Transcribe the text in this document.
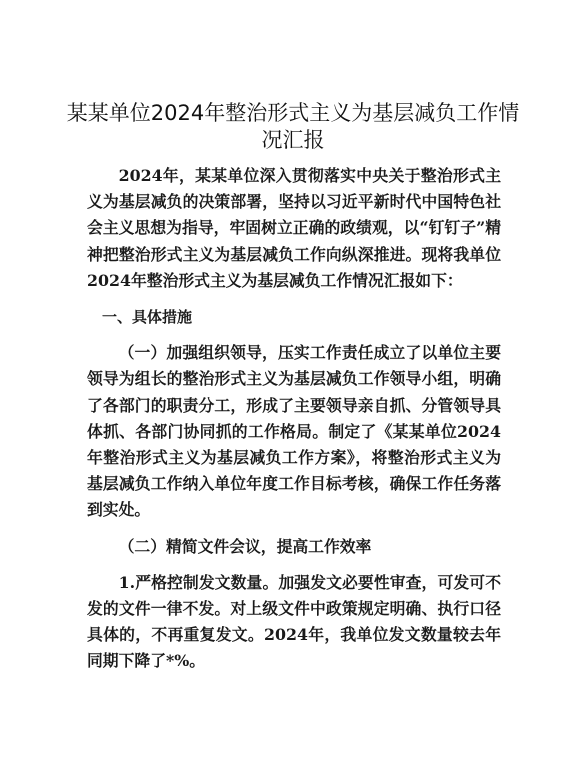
某某单位2024年整治形式主义为基层减负工作情况汇报

2024年，某某单位深入贯彻落实中央关于整治形式主义为基层减负的决策部署，坚持以习近平新时代中国特色社会主义思想为指导，牢固树立正确的政绩观，以“钉钉子”精神把整治形式主义为基层减负工作向纵深推进。现将我单位2024年整治形式主义为基层减负工作情况汇报如下：

一、具体措施

（一）加强组织领导，压实工作责任成立了以单位主要领导为组长的整治形式主义为基层减负工作领导小组，明确了各部门的职责分工，形成了主要领导亲自抓、分管领导具体抓、各部门协同抓的工作格局。制定了《某某单位2024年整治形式主义为基层减负工作方案》，将整治形式主义为基层减负工作纳入单位年度工作目标考核，确保工作任务落到实处。

（二）精简文件会议，提高工作效率

1.严格控制发文数量。加强发文必要性审查，可发可不发的文件一律不发。对上级文件中政策规定明确、执行口径具体的，不再重复发文。2024年，我单位发文数量较去年同期下降了*%。
